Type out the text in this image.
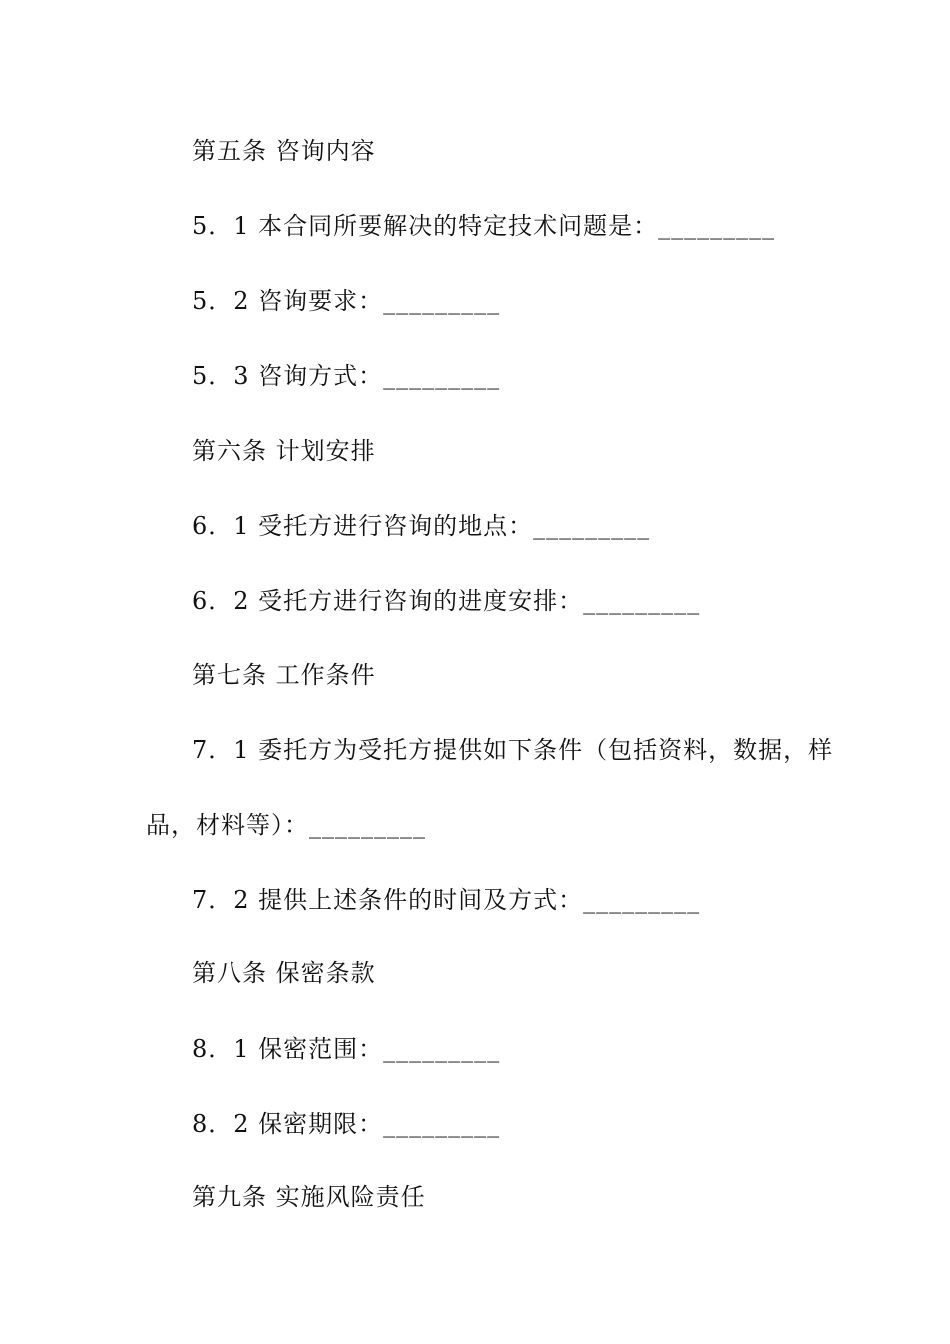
第五条 咨询内容
5．1 本合同所要解决的特定技术问题是：_________
5．2 咨询要求：_________
5．3 咨询方式：_________
第六条 计划安排
6．1 受托方进行咨询的地点：_________
6．2 受托方进行咨询的进度安排：_________
第七条 工作条件
7．1 委托方为受托方提供如下条件（包括资料，数据，样
品，材料等）：_________
7．2 提供上述条件的时间及方式：_________
第八条 保密条款
8．1 保密范围：_________
8．2 保密期限：_________
第九条 实施风险责任
